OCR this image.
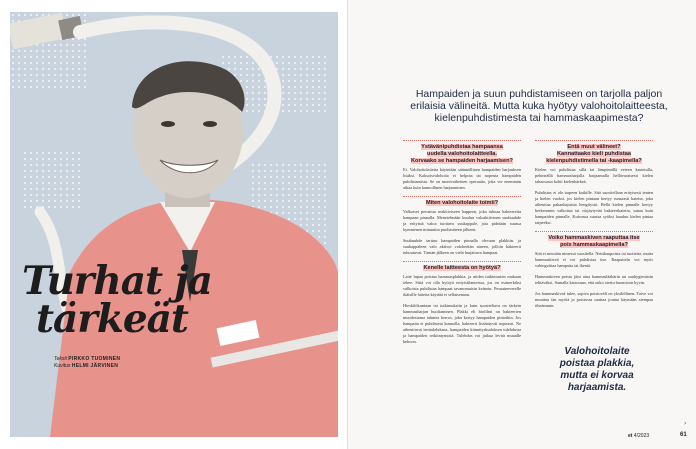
Turhat ja
tärkeät
Teksti PIRKKO TUOMINEN
Kuvitus HELMI JÄRVINEN

Hampaiden ja suun puhdistamiseen on tarjolla paljon erilaisia välineitä. Mutta kuka hyötyy valohoitolaitteesta, kielenpuhdistimesta tai hammaskaapimesta?

Ystävänipuhdistaa hampaansa
uudella valohoitolaitteella.
Korvaako se hampaiden harjaamisen?

Ei. Valohoitolaitetta käytetään säännöllinen hampaiden harjauksen lisäksi. Kaksoisvalohoito ei helpota tai nopeuta hampaiden puhdistamista. Se on monivaiheinen operaatio, joka vie enemmän aikaa kuin kunnollinen harjaaminen.

Miten valohoitolaite toimii?

Valkoiset perustuu reaktiiviseen happeen, joka tuhoaa bakteereita hampaan pinnalla. Menetelmään kuuluu valoaktiivinen suuhuuhde ja erityistä valoa tuottava suukappale, jota pidetään suussa kymmenen minuuttia puoliautteen jälkeen.

Suuhuuhde tarttuu hampaiden pinnalla olevaan plakkiin, ja suukappaleen valo aktivoi valoherkän aineen, jolloin bakteerit tuhoutuvat. Tämän jälkeen on vielä harjattava hampaat.

Kenelle laitteesta on hyötyä?

Laite lupaa poistaa hammasplakkia, ja niiden tutkimusten mukaan tekee. Siitä voi olla hyötyä erityistilanteissa, jos on esimerkiksi valkoisia puhdistaa hampaat tavanomaisin keinoin. Pesuaineverelle ikäisille laitetta käyttää ei sellaisenaan.

Hieskilökuntaan tai tutkimuksiin ja kuin suositeltava on tärkein hammasharjan huoltaminen. Plakki eli biofilmi on bakteerien muodostama tahmea kerros, joka kertyy hampaiden pintoihin. Jos hampaita ei puhdisteta kunnolla, bakteerit lisääntyvät nopeasti. Ne aiheuttavat ienttulehdusta, hampaiden kiinnityskudoksen tulehdusta ja hampaiden reikiintymistä. Tulehdus voi jatkua levitä muualle kehoon.

Entä muut välineet?
Kannattaako kieli puhdistaa
kielenpuhdistimella tai -kaapimella?

Kielen voi puhdistaa sillä tai lämpimällä veteen kastetulla, pehmeällä hammasharjalla harjaamalla hellävaraisesti kielen takaosasta kohti kielenkärkeä.

Puhdistus ei ole tarpeen kaikille. Sitä suositellaan erityisesti ienten ja kielen vuoksi, jos kielen pintaan kertyy runsaasti katetta, joka aiheuttaa pahanhajuista hengitystä. Hellä kielen pinnalle kertyy herkemmin valkoista tai värjäytyvää bakteerikatetta, sanaa kuin hampaiden pinnalle. Kuivassa suussa syöksi hauduu kielen pintaa tarpeeksi.

Voiko hammaskiven raaputtaa itse
pois hammaskaapimella?

Sitä ei missään nimessä suositella. Nettikaupoista tai tuotteita, mutta hammaskiveä ei voi puhdistaa itse. Raaputtelu voi myös vahingoittaa hampaita tai ikeniä.

Hammaskiven poisto jäisi aina hammaslääkärin tai suuhygienistin tehtäväksi. Samalla katsotaan, että onko otettu huomioon hyvin.

Jos hammaskiveä tulee, sopiva poistoväli on yksilöllinen. Tarve voi muuttua iän myötä ja poistossa saattaa joutua käymään aiempaa tiheämmin.

Valohoitolaite
poistaa plakkia,
mutta ei korvaa
harjaamista.

et 4/2023	61
›
